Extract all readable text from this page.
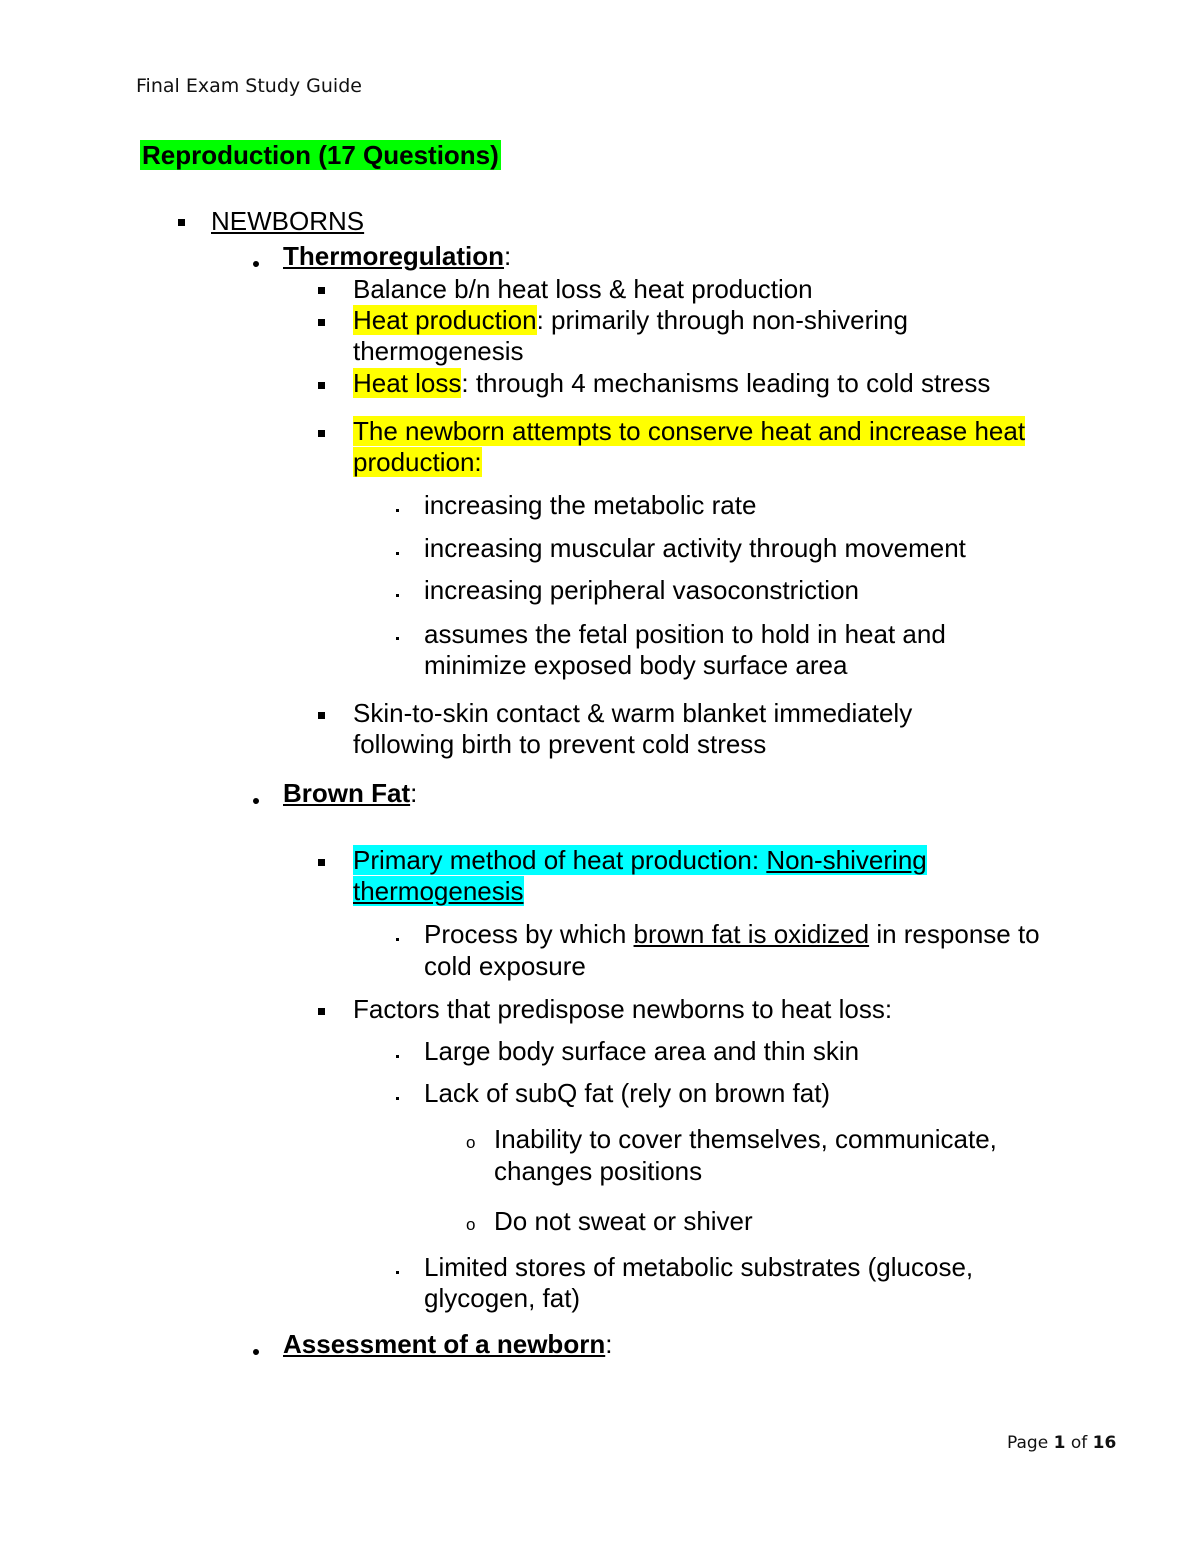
Final Exam Study Guide
Reproduction (17 Questions)
NEWBORNS
Thermoregulation:
Balance b/n heat loss & heat production
Heat production: primarily through non-shivering
thermogenesis
Heat loss: through 4 mechanisms leading to cold stress
The newborn attempts to conserve heat and increase heat
production:
increasing the metabolic rate
increasing muscular activity through movement
increasing peripheral vasoconstriction
assumes the fetal position to hold in heat and
minimize exposed body surface area
Skin-to-skin contact & warm blanket immediately
following birth to prevent cold stress
Brown Fat:
Primary method of heat production: Non-shivering
thermogenesis
Process by which brown fat is oxidized in response to
cold exposure
Factors that predispose newborns to heat loss:
Large body surface area and thin skin
Lack of subQ fat (rely on brown fat)
o Inability to cover themselves, communicate,
changes positions
o Do not sweat or shiver
Limited stores of metabolic substrates (glucose,
glycogen, fat)
Assessment of a newborn:
Page 1 of 16
